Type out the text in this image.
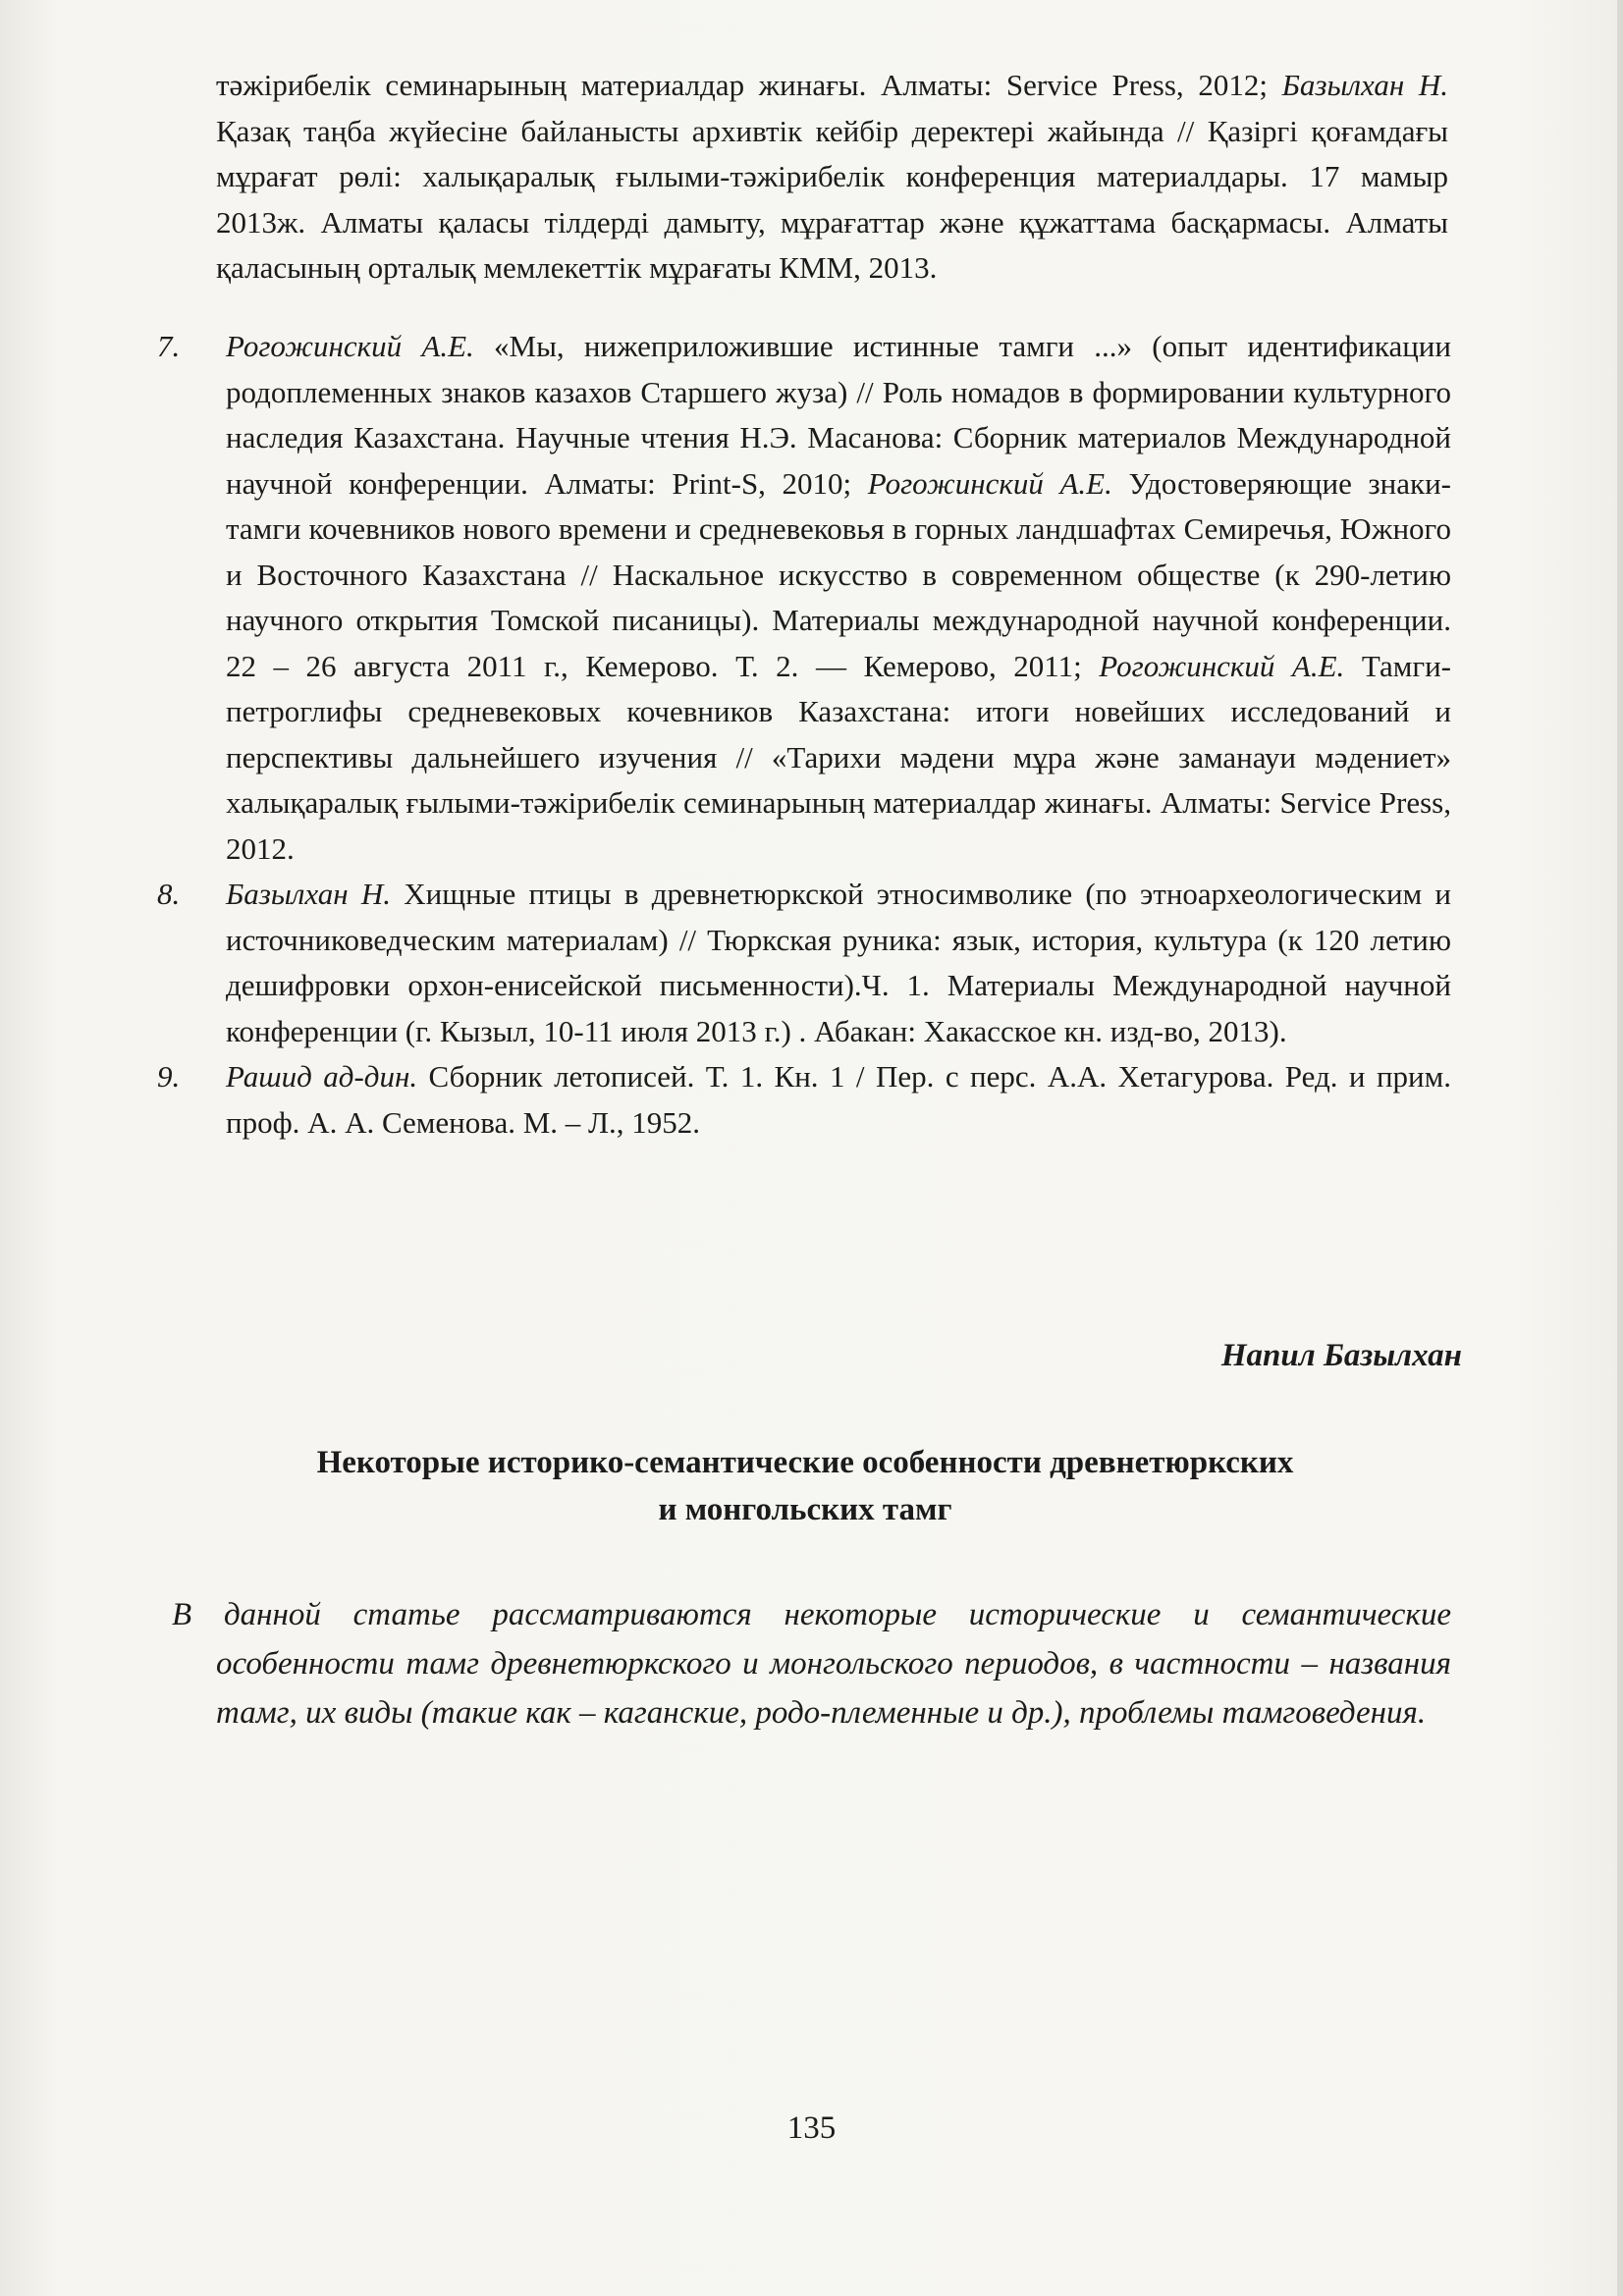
тәжірибелік семинарының материалдар жинағы. Алматы: Service Press, 2012; Базылхан Н. Қазақ таңба жүйесіне байланысты архивтік кейбір деректері жайында // Қазіргі қоғамдағы мұрағат рөлі: халықаралық ғылыми-тәжірибелік конференция материалдары. 17 мамыр 2013ж. Алматы қаласы тілдерді дамыту, мұрағаттар және құжаттама басқармасы. Алматы қаласының орталық мемлекеттік мұрағаты КММ, 2013.
7.	Рогожинский А.Е. «Мы, нижеприложившие истинные тамги ...» (опыт идентификации родоплеменных знаков казахов Старшего жуза) // Роль номадов в формировании культурного наследия Казахстана. Научные чтения Н.Э. Масанова: Сборник материалов Международной научной конференции. Алматы: Print-S, 2010; Рогожинский А.Е. Удостоверяющие знаки-тамги кочевников нового времени и средневековья в горных ландшафтах Семиречья, Южного и Восточного Казахстана // Наскальное искусство в современном обществе (к 290-летию научного открытия Томской писаницы). Материалы международной научной конференции. 22 – 26 августа 2011 г., Кемерово. Т. 2. — Кемерово, 2011; Рогожинский А.Е. Тамги-петроглифы средневековых кочевников Казахстана: итоги новейших исследований и перспективы дальнейшего изучения // «Тарихи мәдени мұра және заманауи мәдениет» халықаралық ғылыми-тәжірибелік семинарының материалдар жинағы. Алматы: Service Press, 2012.
8.	Базылхан Н. Хищные птицы в древнетюркской этносимволике (по этноархеологическим и источниковедческим материалам) // Тюркская руника: язык, история, культура (к 120 летию дешифровки орхон-енисейской письменности).Ч. 1. Материалы Международной научной конференции (г. Кызыл, 10-11 июля 2013 г.) . Абакан: Хакасское кн. изд-во, 2013).
9.	Рашид ад-дин. Сборник летописей. Т. 1. Кн. 1 / Пер. с перс. А.А. Хетагурова. Ред. и прим. проф. А. А. Семенова. М. – Л., 1952.
Напил Базылхан
Некоторые историко-семантические особенности древнетюркских
и монгольских тамг
В данной статье рассматриваются некоторые исторические и семантические особенности тамг древнетюркского и монгольского периодов, в частности – названия тамг, их виды (такие как – каганские, родо-племенные и др.), проблемы тамговедения.
135
